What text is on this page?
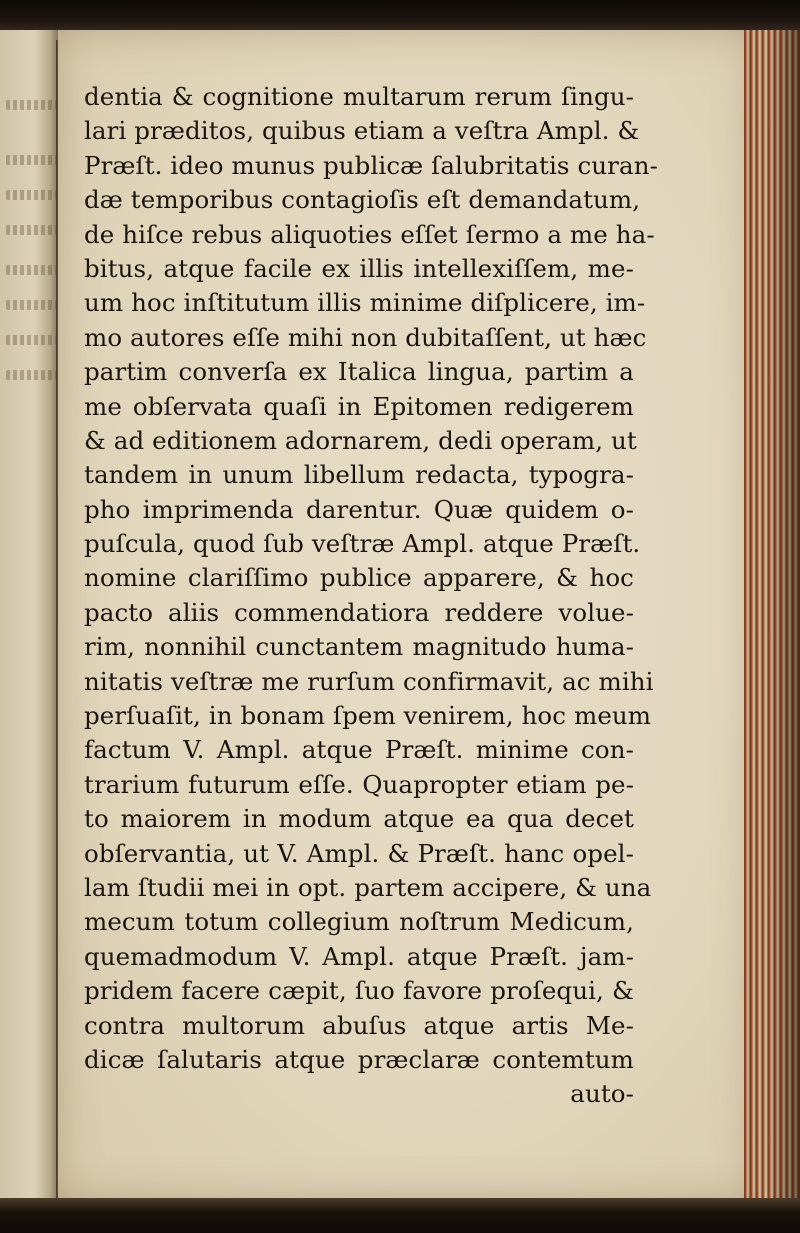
dentia & cognitione multarum rerum ſingu-
lari præditos, quibus etiam a veſtra Ampl. &
Præſt. ideo munus publicæ ſalubritatis curan-
dæ temporibus contagioſis eſt demandatum,
de hiſce rebus aliquoties eſſet ſermo a me ha-
bitus, atque facile ex illis intellexiſſem, me-
um hoc inſtitutum illis minime diſplicere, im-
mo autores eſſe mihi non dubitaſſent, ut hæc
partim converſa ex Italica lingua, partim a
me obſervata quaſi in Epitomen redigerem
& ad editionem adornarem, dedi operam, ut
tandem in unum libellum redacta, typogra-
pho imprimenda darentur. Quæ quidem o-
puſcula, quod ſub veſtræ Ampl. atque Præſt.
nomine clariſſimo publice apparere, & hoc
pacto aliis commendatiora reddere volue-
rim, nonnihil cunctantem magnitudo huma-
nitatis veſtræ me rurſum confirmavit, ac mihi
perſuaſit, in bonam ſpem venirem, hoc meum
factum V. Ampl. atque Præſt. minime con-
trarium futurum eſſe. Quapropter etiam pe-
to maiorem in modum atque ea qua decet
obſervantia, ut V. Ampl. & Præſt. hanc opel-
lam ſtudii mei in opt. partem accipere, & una
mecum totum collegium noſtrum Medicum,
quemadmodum V. Ampl. atque Præſt. jam-
pridem facere cæpit, ſuo favore proſequi, &
contra multorum abuſus atque artis Me-
dicæ ſalutaris atque præclaræ contemtum
auto-
